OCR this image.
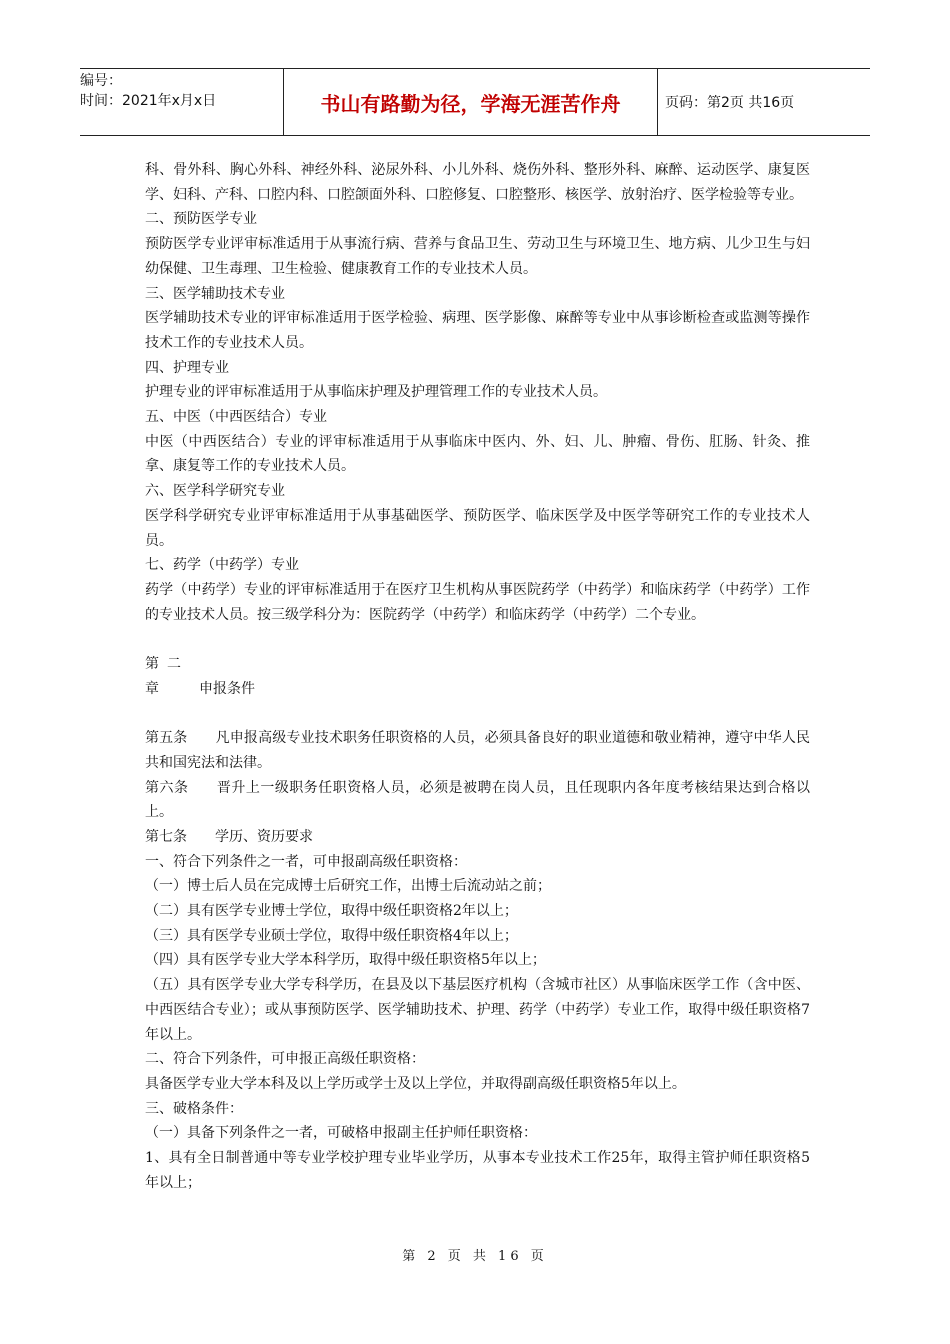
编号：
时间：2021年x月x日	书山有路勤为径，学海无涯苦作舟	页码：第2页 共16页

科、骨外科、胸心外科、神经外科、泌尿外科、小儿外科、烧伤外科、整形外科、麻醉、运动医学、康复医学、妇科、产科、口腔内科、口腔颌面外科、口腔修复、口腔整形、核医学、放射治疗、医学检验等专业。

二、预防医学专业

预防医学专业评审标准适用于从事流行病、营养与食品卫生、劳动卫生与环境卫生、地方病、儿少卫生与妇幼保健、卫生毒理、卫生检验、健康教育工作的专业技术人员。

三、医学辅助技术专业

医学辅助技术专业的评审标准适用于医学检验、病理、医学影像、麻醉等专业中从事诊断检查或监测等操作技术工作的专业技术人员。

四、护理专业

护理专业的评审标准适用于从事临床护理及护理管理工作的专业技术人员。

五、中医（中西医结合）专业

中医（中西医结合）专业的评审标准适用于从事临床中医内、外、妇、儿、肿瘤、骨伤、肛肠、针灸、推拿、康复等工作的专业技术人员。

六、医学科学研究专业

医学科学研究专业评审标准适用于从事基础医学、预防医学、临床医学及中医学等研究工作的专业技术人员。

七、药学（中药学）专业

药学（中药学）专业的评审标准适用于在医疗卫生机构从事医院药学（中药学）和临床药学（中药学）工作的专业技术人员。按三级学科分为：医院药学（中药学）和临床药学（中药学）二个专业。

第二章	申报条件

第五条 凡申报高级专业技术职务任职资格的人员，必须具备良好的职业道德和敬业精神，遵守中华人民共和国宪法和法律。

第六条 晋升上一级职务任职资格人员，必须是被聘在岗人员，且任现职内各年度考核结果达到合格以上。

第七条 学历、资历要求

一、符合下列条件之一者，可申报副高级任职资格：

（一）博士后人员在完成博士后研究工作，出博士后流动站之前；

（二）具有医学专业博士学位，取得中级任职资格2年以上；

（三）具有医学专业硕士学位，取得中级任职资格4年以上；

（四）具有医学专业大学本科学历，取得中级任职资格5年以上；

（五）具有医学专业大学专科学历，在县及以下基层医疗机构（含城市社区）从事临床医学工作（含中医、中西医结合专业）；或从事预防医学、医学辅助技术、护理、药学（中药学）专业工作，取得中级任职资格7年以上。

二、符合下列条件，可申报正高级任职资格：

具备医学专业大学本科及以上学历或学士及以上学位，并取得副高级任职资格5年以上。

三、破格条件：

（一）具备下列条件之一者，可破格申报副主任护师任职资格：

1、具有全日制普通中等专业学校护理专业毕业学历，从事本专业技术工作25年，取得主管护师任职资格5年以上；

第 2 页 共 16 页
